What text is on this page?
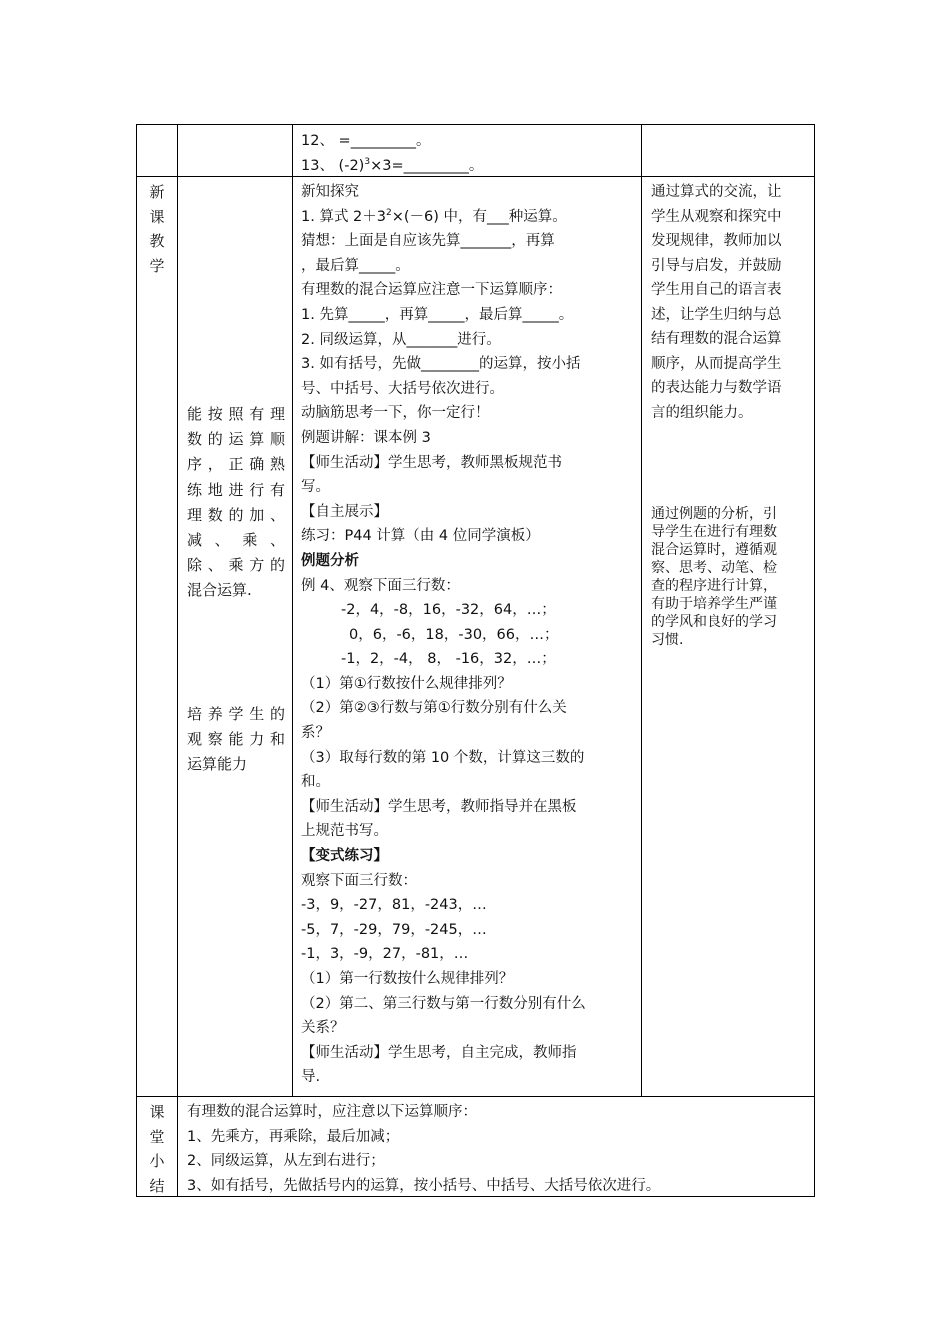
12、 =_________。
13、 $(-2)^3\times 3=\_\_\_\_\_\_\_\_\_$。
新
课
教
学
能按照有理
数的运算顺
序，正确熟
练地进行有
理数的加、
减 、 乘 、
除、乘方的
混合运算.
培养学生的
观察能力和
运算能力
新知探究
1. 算式 $2+3^2\times(-6)$ 中，有___种运算。
猜想：上面是自应该先算_______，再算
，最后算_____。
有理数的混合运算应注意一下运算顺序：
1. 先算_____，再算_____，最后算_____。
2. 同级运算，从_______进行。
3. 如有括号，先做________的运算，按小括
号、中括号、大括号依次进行。
动脑筋思考一下，你一定行！
例题讲解：课本例 3
【师生活动】学生思考，教师黑板规范书
写。
【自主展示】
练习：P44 计算（由 4 位同学演板）
例题分析
例 4、观察下面三行数：
-2，4，-8，16，-32，64，…；
0，6，-6，18，-30，66，…；
-1，2，-4， 8， -16，32，…；
（1）第①行数按什么规律排列？
（2）第②③行数与第①行数分别有什么关
系？
（3）取每行数的第 10 个数，计算这三数的
和。
【师生活动】学生思考，教师指导并在黑板
上规范书写。
【变式练习】
观察下面三行数：
-3，9，-27，81，-243，…
-5，7，-29，79，-245，…
-1，3，-9，27，-81，…
（1）第一行数按什么规律排列？
（2）第二、第三行数与第一行数分别有什么
关系？
【师生活动】学生思考，自主完成，教师指
导.
通过算式的交流，让
学生从观察和探究中
发现规律，教师加以
引导与启发，并鼓励
学生用自己的语言表
述，让学生归纳与总
结有理数的混合运算
顺序，从而提高学生
的表达能力与数学语
言的组织能力。
通过例题的分析，引
导学生在进行有理数
混合运算时，遵循观
察、思考、动笔、检
查的程序进行计算，
有助于培养学生严谨
的学风和良好的学习
习惯.
课
堂
小
结
有理数的混合运算时，应注意以下运算顺序：
1、先乘方，再乘除，最后加减；
2、同级运算，从左到右进行；
3、如有括号，先做括号内的运算，按小括号、中括号、大括号依次进行。
